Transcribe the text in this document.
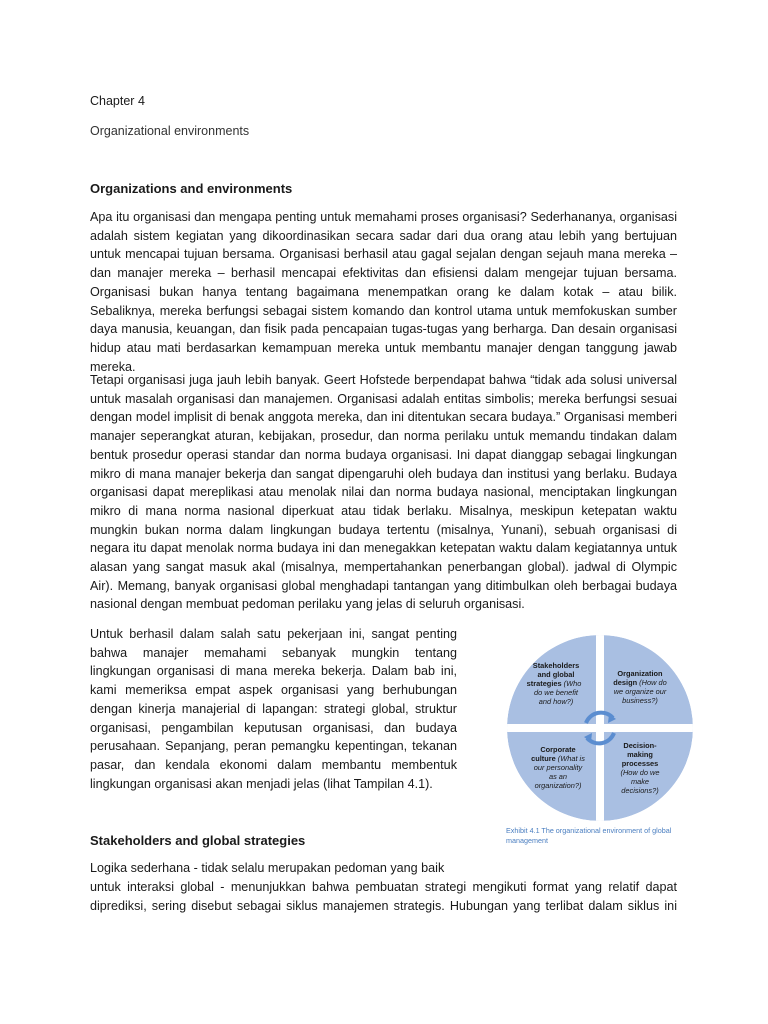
Chapter 4
Organizational environments
Organizations and environments

Apa itu organisasi dan mengapa penting untuk memahami proses organisasi? Sederhananya, organisasi adalah sistem kegiatan yang dikoordinasikan secara sadar dari dua orang atau lebih yang bertujuan untuk mencapai tujuan bersama. Organisasi berhasil atau gagal sejalan dengan sejauh mana mereka – dan manajer mereka – berhasil mencapai efektivitas dan efisiensi dalam mengejar tujuan bersama. Organisasi bukan hanya tentang bagaimana menempatkan orang ke dalam kotak – atau bilik. Sebaliknya, mereka berfungsi sebagai sistem komando dan kontrol utama untuk memfokuskan sumber daya manusia, keuangan, dan fisik pada pencapaian tugas-tugas yang berharga. Dan desain organisasi hidup atau mati berdasarkan kemampuan mereka untuk membantu manajer dengan tanggung jawab mereka.

Tetapi organisasi juga jauh lebih banyak. Geert Hofstede berpendapat bahwa “tidak ada solusi universal untuk masalah organisasi dan manajemen. Organisasi adalah entitas simbolis; mereka berfungsi sesuai dengan model implisit di benak anggota mereka, dan ini ditentukan secara budaya.” Organisasi memberi manajer seperangkat aturan, kebijakan, prosedur, dan norma perilaku untuk memandu tindakan dalam bentuk prosedur operasi standar dan norma budaya organisasi. Ini dapat dianggap sebagai lingkungan mikro di mana manajer bekerja dan sangat dipengaruhi oleh budaya dan institusi yang berlaku. Budaya organisasi dapat mereplikasi atau menolak nilai dan norma budaya nasional, menciptakan lingkungan mikro di mana norma nasional diperkuat atau tidak berlaku. Misalnya, meskipun ketepatan waktu mungkin bukan norma dalam lingkungan budaya tertentu (misalnya, Yunani), sebuah organisasi di negara itu dapat menolak norma budaya ini dan menegakkan ketepatan waktu dalam kegiatannya untuk alasan yang sangat masuk akal (misalnya, mempertahankan penerbangan global). jadwal di Olympic Air). Memang, banyak organisasi global menghadapi tantangan yang ditimbulkan oleh berbagai budaya nasional dengan membuat pedoman perilaku yang jelas di seluruh organisasi.

Untuk berhasil dalam salah satu pekerjaan ini, sangat penting bahwa manajer memahami sebanyak mungkin tentang lingkungan organisasi di mana mereka bekerja. Dalam bab ini, kami memeriksa empat aspek organisasi yang berhubungan dengan kinerja manajerial di lapangan: strategi global, struktur organisasi, pengambilan keputusan organisasi, dan budaya perusahaan. Sepanjang, peran pemangku kepentingan, tekanan pasar, dan kendala ekonomi dalam membantu membentuk lingkungan organisasi akan menjadi jelas (lihat Tampilan 4.1).

Stakeholders
and global
strategies (Who
do we benefit
and how?)
Organization
design (How do
we organize our
business?)
Corporate
culture (What is
our personality
as an
organization?)
Decision-
making
processes
(How do we
make
decisions?)
Exhibit 4.1 The organizational environment of global management
Stakeholders and global strategies
Logika sederhana - tidak selalu merupakan pedoman yang baik
untuk interaksi global - menunjukkan bahwa pembuatan strategi mengikuti format yang relatif dapat
diprediksi, sering disebut sebagai siklus manajemen strategis. Hubungan yang terlibat dalam siklus ini
